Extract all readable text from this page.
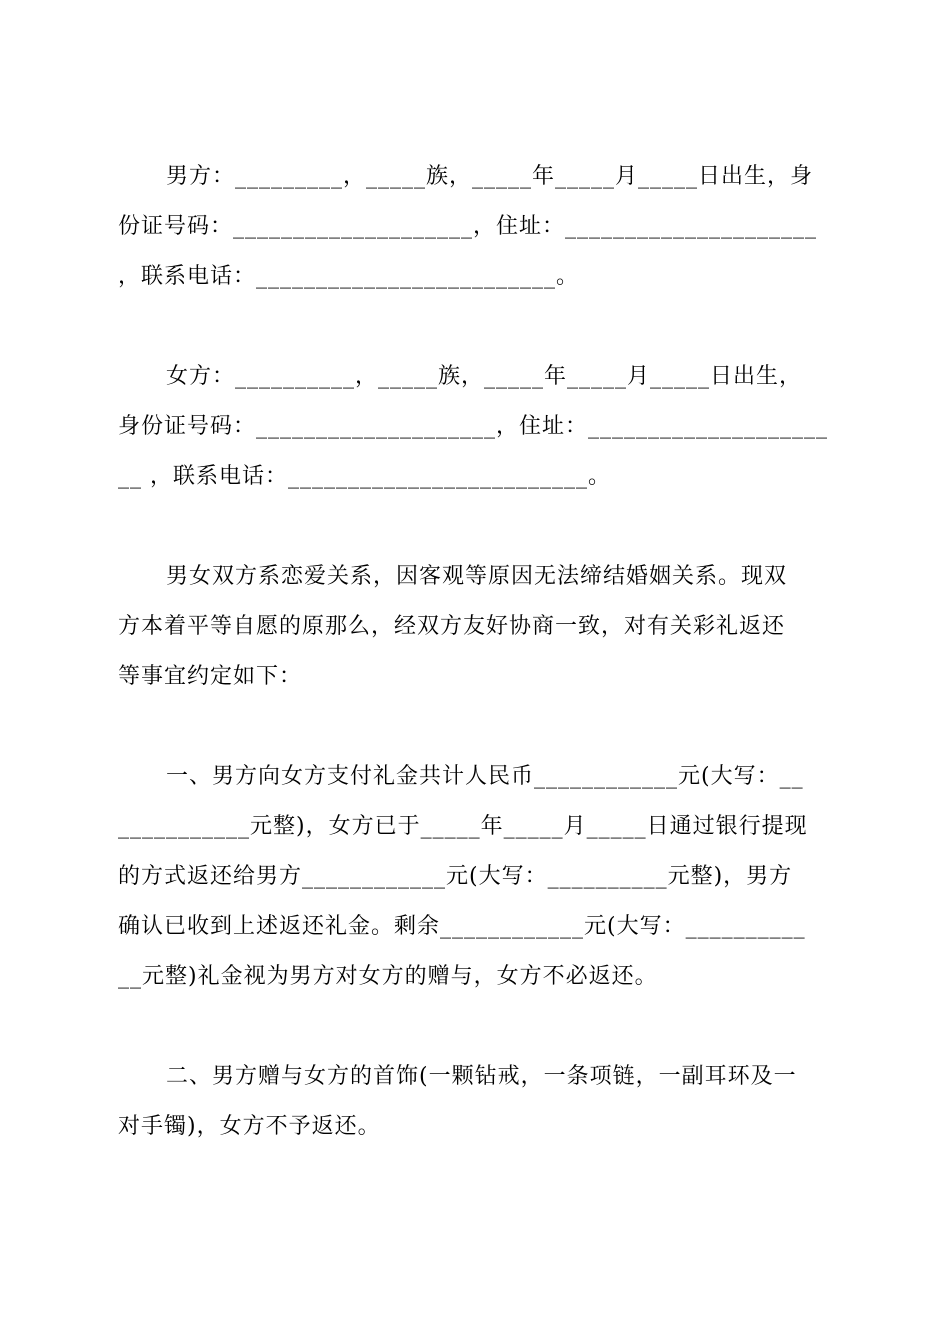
男方：_________，_____族，_____年_____月_____日出生，身
份证号码：____________________，住址：_____________________
，联系电话：_________________________。
女方：__________，_____族，_____年_____月_____日出生，
身份证号码：____________________，住址：____________________
__ ，联系电话：_________________________。
男女双方系恋爱关系，因客观等原因无法缔结婚姻关系。现双
方本着平等自愿的原那么，经双方友好协商一致，对有关彩礼返还
等事宜约定如下：
一、男方向女方支付礼金共计人民币____________元(大写：__
___________元整)，女方已于_____年_____月_____日通过银行提现
的方式返还给男方____________元(大写：__________元整)，男方
确认已收到上述返还礼金。剩余____________元(大写：__________
__元整)礼金视为男方对女方的赠与，女方不必返还。
二、男方赠与女方的首饰(一颗钻戒，一条项链，一副耳环及一
对手镯)，女方不予返还。
